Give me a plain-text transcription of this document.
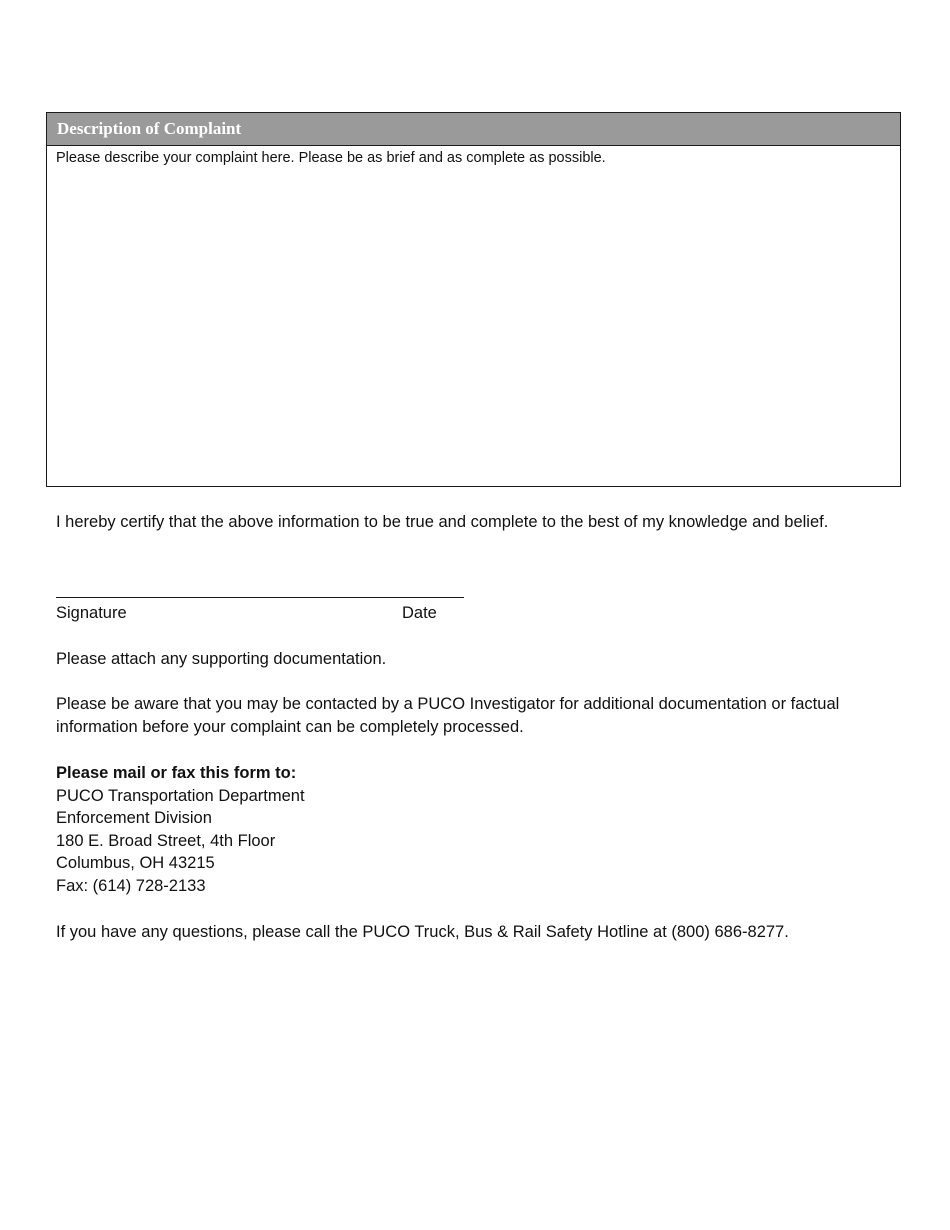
Description of Complaint
Please describe your complaint here. Please be as brief and as complete as possible.

I hereby certify that the above information to be true and complete to the best of my knowledge and belief.

Signature	Date

Please attach any supporting documentation.

Please be aware that you may be contacted by a PUCO Investigator for additional documentation or factual information before your complaint can be completely processed.

Please mail or fax this form to:
PUCO Transportation Department
Enforcement Division
180 E. Broad Street, 4th Floor
Columbus, OH 43215
Fax: (614) 728-2133

If you have any questions, please call the PUCO Truck, Bus & Rail Safety Hotline at (800) 686-8277.
